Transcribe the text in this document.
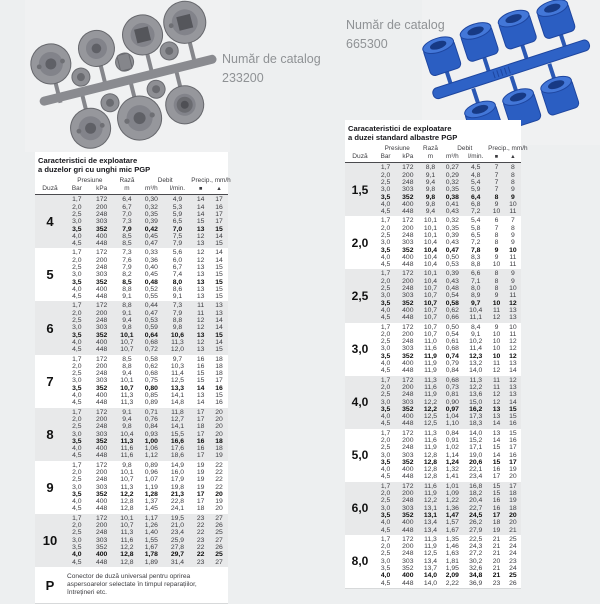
Număr de catalog
233200
Număr de catalog
665300
Caracteristici de exploatare
a duzelor gri cu unghi mic PGP
Duză
Presiune	Rază	Debit	Precip., mm/h
Bar	kPa	m	m³/h	l/min.	■	▲
4
1,7	172	6,4	0,30	4,9	14	17
2,0	200	6,7	0,32	5,3	14	16
2,5	248	7,0	0,35	5,9	14	17
3,0	303	7,3	0,39	6,5	15	17
3,5	352	7,9	0,42	7,0	13	15
4,0	400	8,5	0,45	7,5	12	14
4,5	448	8,5	0,47	7,9	13	15
5
1,7	172	7,3	0,33	5,6	12	14
2,0	200	7,6	0,36	6,0	12	14
2,5	248	7,9	0,40	6,7	13	15
3,0	303	8,2	0,45	7,4	13	15
3,5	352	8,5	0,48	8,0	13	15
4,0	400	8,8	0,52	8,6	13	15
4,5	448	9,1	0,55	9,1	13	15
6
1,7	172	8,8	0,44	7,3	11	13
2,0	200	9,1	0,47	7,9	11	13
2,5	248	9,4	0,53	8,8	12	14
3,0	303	9,8	0,59	9,8	12	14
3,5	352	10,1	0,64	10,6	13	15
4,0	400	10,7	0,68	11,3	12	14
4,5	448	10,7	0,72	12,0	13	15
7
1,7	172	8,5	0,58	9,7	16	18
2,0	200	8,8	0,62	10,3	16	18
2,5	248	9,4	0,68	11,4	15	18
3,0	303	10,1	0,75	12,5	15	17
3,5	352	10,7	0,80	13,3	14	16
4,0	400	11,3	0,85	14,1	13	15
4,5	448	11,3	0,89	14,8	14	16
8
1,7	172	9,1	0,71	11,8	17	20
2,0	200	9,4	0,76	12,7	17	20
2,5	248	9,8	0,84	14,1	18	20
3,0	303	10,4	0,93	15,5	17	20
3,5	352	11,3	1,00	16,6	16	18
4,0	400	11,6	1,06	17,6	16	18
4,5	448	11,6	1,12	18,6	17	19
9
1,7	172	9,8	0,89	14,9	19	22
2,0	200	10,1	0,96	16,0	19	22
2,5	248	10,7	1,07	17,9	19	22
3,0	303	11,3	1,19	19,8	19	22
3,5	352	12,2	1,28	21,3	17	20
4,0	400	12,8	1,37	22,8	17	19
4,5	448	12,8	1,45	24,1	18	20
10
1,7	172	10,1	1,17	19,5	23	27
2,0	200	10,7	1,26	21,0	22	26
2,5	248	11,3	1,40	23,4	22	25
3,0	303	11,6	1,55	25,9	23	27
3,5	352	12,2	1,67	27,8	22	26
4,0	400	12,8	1,78	29,7	22	25
4,5	448	12,8	1,89	31,4	23	27
P
Conector de duză universal pentru oprirea aspersoarelor selectate în timpul reparațiilor, întrețineri etc.
Caracateristici de exploatare
a duzei standard albastre PGP
Duză
Presiune	Rază	Debit	Precip., mm/h
Bar	kPa	m	m³/h	l/min.	■	▲
1,5
1,7	172	8,8	0,27	4,5	7	8
2,0	200	9,1	0,29	4,8	7	8
2,5	248	9,4	0,32	5,4	7	8
3,0	303	9,8	0,35	5,9	7	9
3,5	352	9,8	0,38	6,4	8	9
4,0	400	9,8	0,41	6,8	9	10
4,5	448	9,4	0,43	7,2	10	11
2,0
1,7	172	10,1	0,32	5,4	6	7
2,0	200	10,1	0,35	5,8	7	8
2,5	248	10,1	0,39	6,5	8	9
3,0	303	10,4	0,43	7,2	8	9
3,5	352	10,4	0,47	7,8	9	10
4,0	400	10,4	0,50	8,3	9	11
4,5	448	10,4	0,53	8,8	10	11
2,5
1,7	172	10,1	0,39	6,6	8	9
2,0	200	10,4	0,43	7,1	8	9
2,5	248	10,7	0,48	8,0	8	10
3,0	303	10,7	0,54	8,9	9	11
3,5	352	10,7	0,58	9,7	10	12
4,0	400	10,7	0,62	10,4	11	13
4,5	448	10,7	0,66	11,1	12	13
3,0
1,7	172	10,7	0,50	8,4	9	10
2,0	200	10,7	0,54	9,1	10	11
2,5	248	11,0	0,61	10,2	10	12
3,0	303	11,6	0,68	11,4	10	12
3,5	352	11,9	0,74	12,3	10	12
4,0	400	11,9	0,79	13,2	11	13
4,5	448	11,9	0,84	14,0	12	14
4,0
1,7	172	11,3	0,68	11,3	11	12
2,0	200	11,6	0,73	12,2	11	13
2,5	248	11,9	0,81	13,6	12	13
3,0	303	12,2	0,90	15,0	12	14
3,5	352	12,2	0,97	16,2	13	15
4,0	400	12,5	1,04	17,3	13	15
4,5	448	12,5	1,10	18,3	14	16
5,0
1,7	172	11,3	0,84	14,0	13	15
2,0	200	11,6	0,91	15,2	14	16
2,5	248	11,9	1,02	17,1	15	17
3,0	303	12,8	1,14	19,0	14	16
3,5	352	12,8	1,24	20,6	15	17
4,0	400	12,8	1,32	22,1	16	19
4,5	448	12,8	1,41	23,4	17	20
6,0
1,7	172	11,6	1,01	16,8	15	17
2,0	200	11,9	1,09	18,2	15	18
2,5	248	12,2	1,22	20,4	16	19
3,0	303	13,1	1,36	22,7	16	18
3,5	352	13,1	1,47	24,5	17	20
4,0	400	13,4	1,57	26,2	18	20
4,5	448	13,4	1,67	27,9	19	21
8,0
1,7	172	11,3	1,35	22,5	21	25
2,0	200	11,9	1,46	24,3	21	24
2,5	248	12,5	1,63	27,2	21	24
3,0	303	13,4	1,81	30,2	20	23
3,5	352	13,7	1,95	32,6	21	24
4,0	400	14,0	2,09	34,8	21	25
4,5	448	14,0	2,22	36,9	23	26
